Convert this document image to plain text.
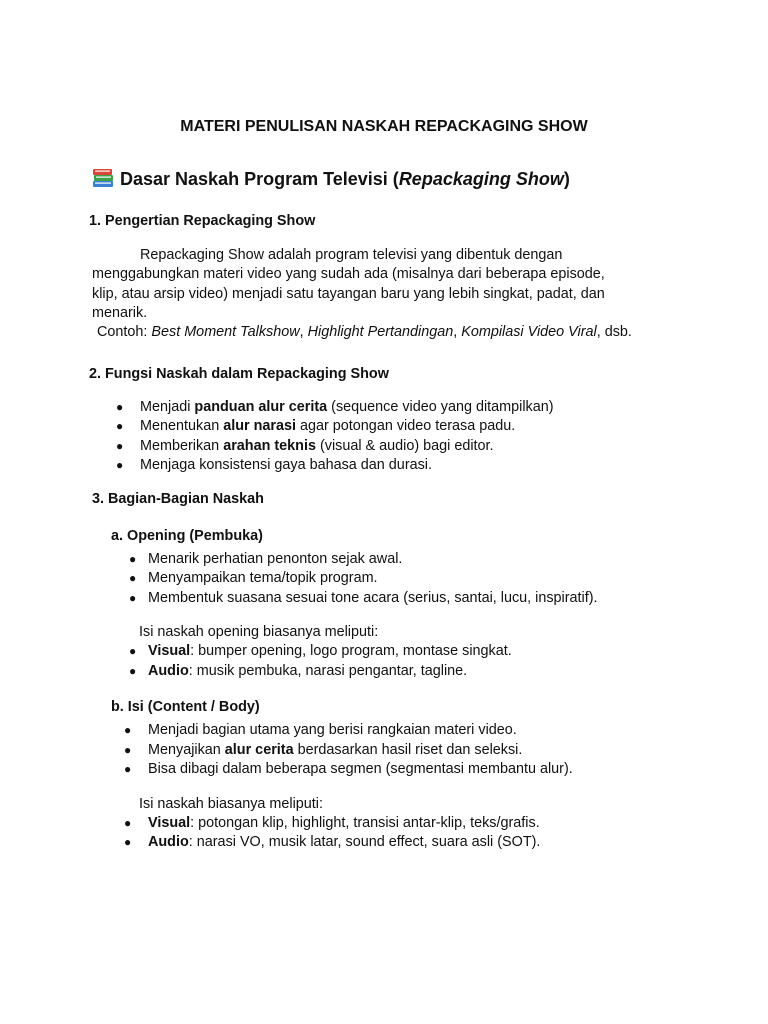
MATERI PENULISAN NASKAH REPACKAGING SHOW
Dasar Naskah Program Televisi (Repackaging Show)
1. Pengertian Repackaging Show
Repackaging Show adalah program televisi yang dibentuk dengan
menggabungkan materi video yang sudah ada (misalnya dari beberapa episode,
klip, atau arsip video) menjadi satu tayangan baru yang lebih singkat, padat, dan
menarik.
Contoh: Best Moment Talkshow, Highlight Pertandingan, Kompilasi Video Viral, dsb.
2. Fungsi Naskah dalam Repackaging Show
● Menjadi panduan alur cerita (sequence video yang ditampilkan)
● Menentukan alur narasi agar potongan video terasa padu.
● Memberikan arahan teknis (visual & audio) bagi editor.
● Menjaga konsistensi gaya bahasa dan durasi.
3. Bagian-Bagian Naskah
a. Opening (Pembuka)
● Menarik perhatian penonton sejak awal.
● Menyampaikan tema/topik program.
● Membentuk suasana sesuai tone acara (serius, santai, lucu, inspiratif).
Isi naskah opening biasanya meliputi:
● Visual: bumper opening, logo program, montase singkat.
● Audio: musik pembuka, narasi pengantar, tagline.
b. Isi (Content / Body)
● Menjadi bagian utama yang berisi rangkaian materi video.
● Menyajikan alur cerita berdasarkan hasil riset dan seleksi.
● Bisa dibagi dalam beberapa segmen (segmentasi membantu alur).
Isi naskah biasanya meliputi:
● Visual: potongan klip, highlight, transisi antar-klip, teks/grafis.
● Audio: narasi VO, musik latar, sound effect, suara asli (SOT).
